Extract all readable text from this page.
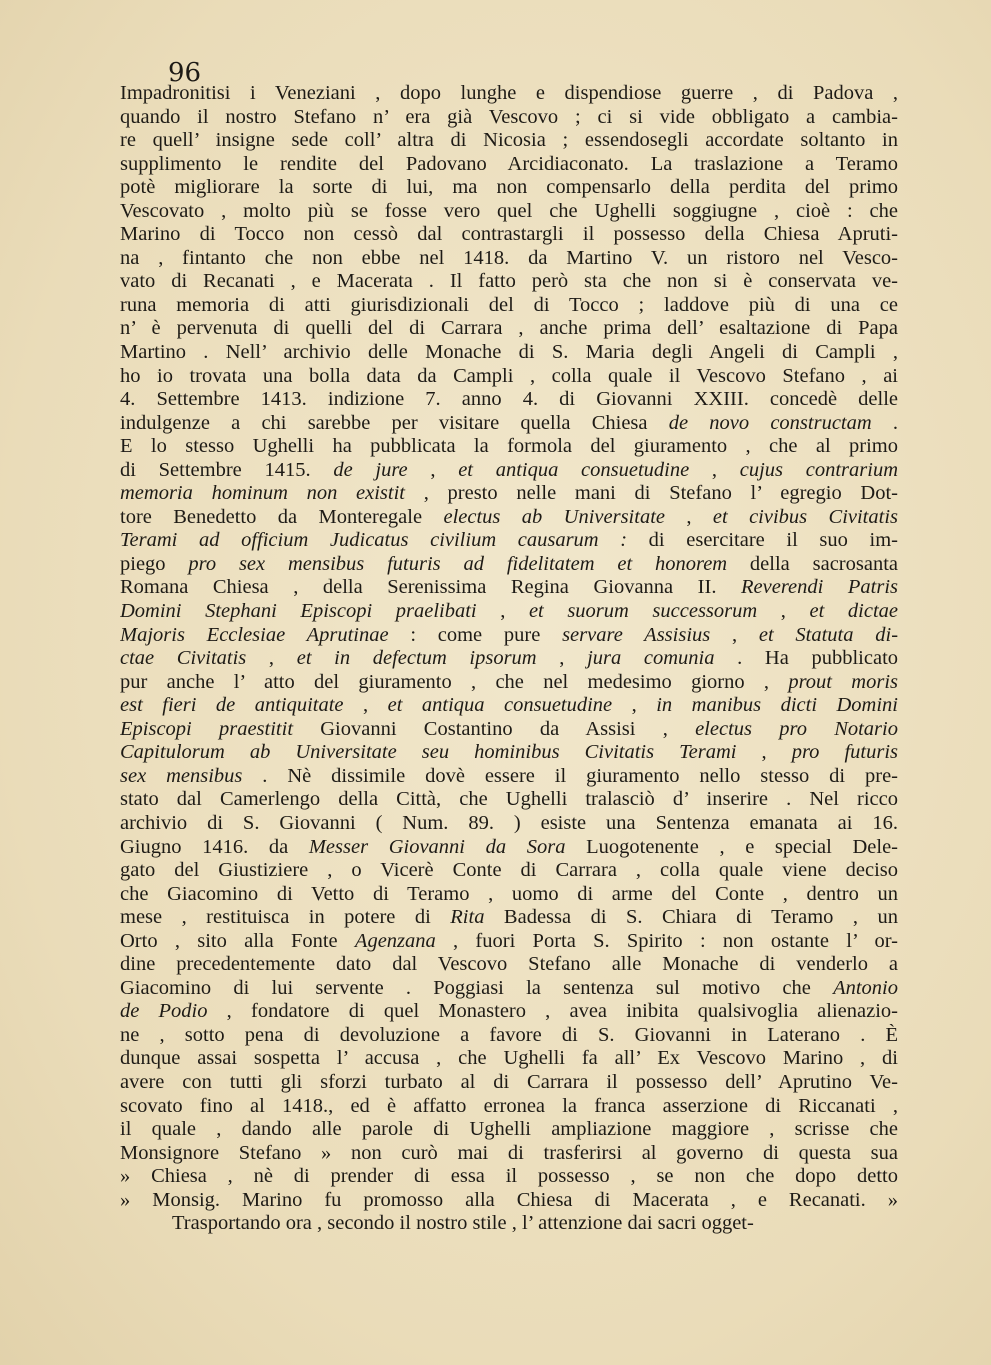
96
Impadronitisi i Veneziani , dopo lunghe e dispendiose guerre , di Padova ,
quando il nostro Stefano n’ era già Vescovo ; ci si vide obbligato a cambia-
re quell’ insigne sede coll’ altra di Nicosia ; essendosegli accordate soltanto in
supplimento le rendite del Padovano Arcidiaconato. La traslazione a Teramo
potè migliorare la sorte di lui, ma non compensarlo della perdita del primo
Vescovato , molto più se fosse vero quel che Ughelli soggiugne , cioè : che
Marino di Tocco non cessò dal contrastargli il possesso della Chiesa Apruti-
na , fintanto che non ebbe nel 1418. da Martino V. un ristoro nel Vesco-
vato di Recanati , e Macerata . Il fatto però sta che non si è conservata ve-
runa memoria di atti giurisdizionali del di Tocco ; laddove più di una ce
n’ è pervenuta di quelli del di Carrara , anche prima dell’ esaltazione di Papa
Martino . Nell’ archivio delle Monache di S. Maria degli Angeli di Campli ,
ho io trovata una bolla data da Campli , colla quale il Vescovo Stefano , ai
4. Settembre 1413. indizione 7. anno 4. di Giovanni XXIII. concedè delle
indulgenze a chi sarebbe per visitare quella Chiesa de novo constructam .
E lo stesso Ughelli ha pubblicata la formola del giuramento , che al primo
di Settembre 1415. de jure , et antiqua consuetudine , cujus contrarium
memoria hominum non existit , presto nelle mani di Stefano l’ egregio Dot-
tore Benedetto da Monteregale electus ab Universitate , et civibus Civitatis
Terami ad officium Judicatus civilium causarum : di esercitare il suo im-
piego pro sex mensibus futuris ad fidelitatem et honorem della sacrosanta
Romana Chiesa , della Serenissima Regina Giovanna II. Reverendi Patris
Domini Stephani Episcopi praelibati , et suorum successorum , et dictae
Majoris Ecclesiae Aprutinae : come pure servare Assisius , et Statuta di-
ctae Civitatis , et in defectum ipsorum , jura comunia . Ha pubblicato
pur anche l’ atto del giuramento , che nel medesimo giorno , prout moris
est fieri de antiquitate , et antiqua consuetudine , in manibus dicti Domini
Episcopi praestitit Giovanni Costantino da Assisi , electus pro Notario
Capitulorum ab Universitate seu hominibus Civitatis Terami , pro futuris
sex mensibus . Nè dissimile dovè essere il giuramento nello stesso di pre-
stato dal Camerlengo della Città, che Ughelli tralasciò d’ inserire . Nel ricco
archivio di S. Giovanni ( Num. 89. ) esiste una Sentenza emanata ai 16.
Giugno 1416. da Messer Giovanni da Sora Luogotenente , e special Dele-
gato del Giustiziere , o Vicerè Conte di Carrara , colla quale viene deciso
che Giacomino di Vetto di Teramo , uomo di arme del Conte , dentro un
mese , restituisca in potere di Rita Badessa di S. Chiara di Teramo , un
Orto , sito alla Fonte Agenzana , fuori Porta S. Spirito : non ostante l’ or-
dine precedentemente dato dal Vescovo Stefano alle Monache di venderlo a
Giacomino di lui servente . Poggiasi la sentenza sul motivo che Antonio
de Podio , fondatore di quel Monastero , avea inibita qualsivoglia alienazio-
ne , sotto pena di devoluzione a favore di S. Giovanni in Laterano . È
dunque assai sospetta l’ accusa , che Ughelli fa all’ Ex Vescovo Marino , di
avere con tutti gli sforzi turbato al di Carrara il possesso dell’ Aprutino Ve-
scovato fino al 1418., ed è affatto erronea la franca asserzione di Riccanati ,
il quale , dando alle parole di Ughelli ampliazione maggiore , scrisse che
Monsignore Stefano » non curò mai di trasferirsi al governo di questa sua
» Chiesa , nè di prender di essa il possesso , se non che dopo detto
» Monsig. Marino fu promosso alla Chiesa di Macerata , e Recanati. »
Trasportando ora , secondo il nostro stile , l’ attenzione dai sacri ogget-
